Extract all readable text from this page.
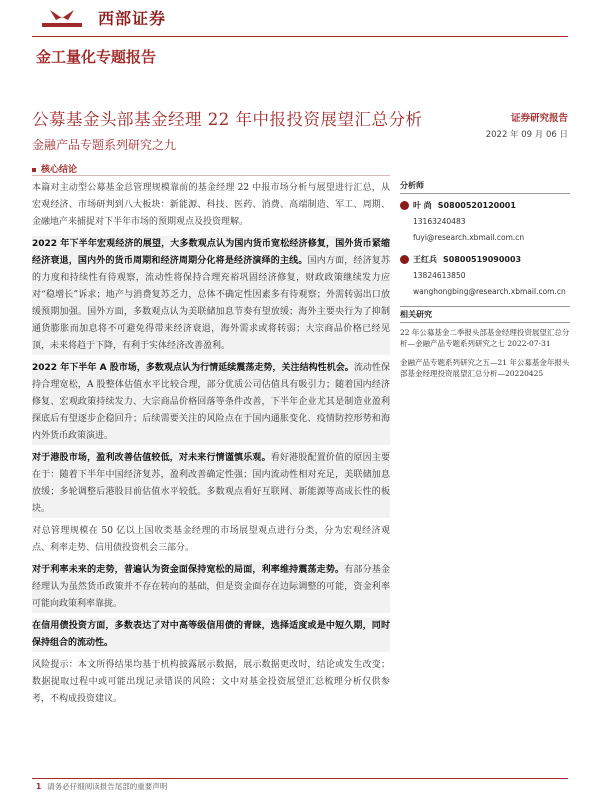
西部证券
金工量化专题报告
公募基金头部基金经理 22 年中报投资展望汇总分析
金融产品专题系列研究之九
证券研究报告
2022 年 09 月 06 日
核心结论

本篇对主动型公募基金总管理规模靠前的基金经理 22 中报市场分析与展望进行汇总，从宏观经济、市场研判到八大板块：新能源、科技、医药、消费、高端制造、军工、周期、金融地产来捕捉对下半年市场的预期观点及投资理解。

2022 年下半年宏观经济的展望，大多数观点认为国内货币宽松经济修复，国外货币紧缩经济衰退，国内外的货币周期和经济周期分化将是经济演绎的主线。国内方面，经济复苏的力度和持续性有待观察，流动性将保持合理充裕巩固经济修复，财政政策继续发力应对“稳增长”诉求；地产与消费复苏乏力，总体不确定性因素多有待观察；外需转弱出口放缓预期加强。国外方面，多数观点认为美联储加息节奏有望放缓；海外主要央行为了抑制通货膨胀而加息将不可避免得带来经济衰退，海外需求或将转弱；大宗商品价格已经见顶，未来将趋于下降，有利于实体经济改善盈利。

2022 年下半年 A 股市场，多数观点认为行情延续震荡走势，关注结构性机会。流动性保持合理宽松，A 股整体估值水平比较合理，部分优质公司估值具有吸引力；随着国内经济修复、宏观政策持续发力、大宗商品价格回落等条件改善，下半年企业尤其是制造业盈利探底后有望逐步企稳回升；后续需要关注的风险点在于国内通胀变化、疫情防控形势和海内外货币政策演进。

对于港股市场，盈利改善估值较低，对未来行情谨慎乐观。看好港股配置价值的原因主要在于：随着下半年中国经济复苏，盈利改善确定性强；国内流动性相对充足，美联储加息放缓；多轮调整后港股目前估值水平较低。多数观点看好互联网、新能源等高成长性的板块。

对总管理规模在 50 亿以上国收类基金经理的市场展望观点进行分类，分为宏观经济观点、利率走势、信用债投资机会三部分。

对于利率未来的走势，普遍认为资金面保持宽松的局面，利率维持震荡走势。有部分基金经理认为虽然货币政策并不存在转向的基础，但是资金面存在边际调整的可能，资金利率可能向政策利率靠拢。

在信用债投资方面，多数表达了对中高等级信用债的青睐，选择适度或是中短久期，同时保持组合的流动性。

风险提示：本文所得结果均基于机构披露展示数据，展示数据更改时，结论或发生改变；数据提取过程中或可能出现记录错误的风险；文中对基金投资展望汇总梳理分析仅供参考，不构成投资建议。

分析师
叶 尚 S0800520120001
13163240483
fuyi@research.xbmail.com.cn
王红兵 S0800519090003
13824613850
wanghongbing@research.xbmail.com.cn
相关研究
22 年公募基金二季报头部基金经理投资展望汇总分析—金融产品专题系列研究之七 2022-07-31
金融产品专题系列研究之五—21 年公募基金年报头部基金经理投资展望汇总分析—20220425
1 请务必仔细阅读报告尾部的重要声明
